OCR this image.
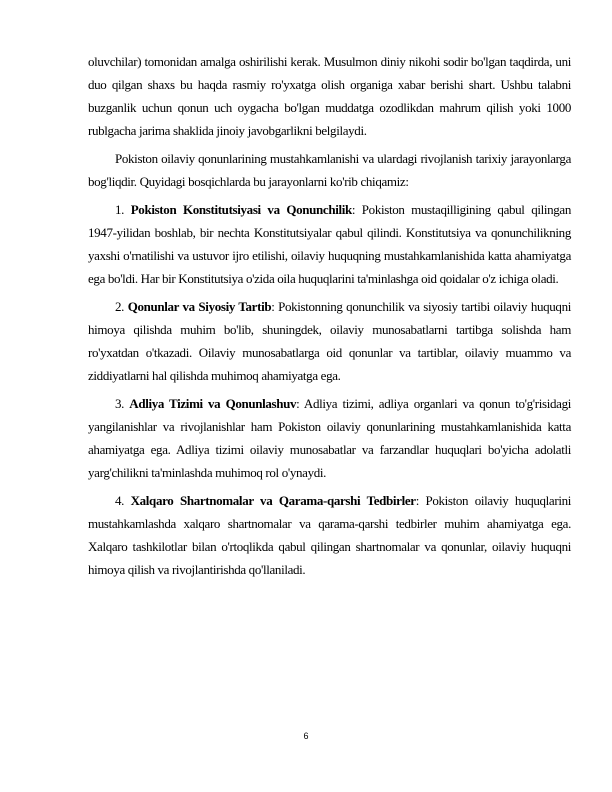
oluvchilar) tomonidan amalga oshirilishi kerak. Musulmon diniy nikohi sodir bo'lgan taqdirda, uni duo qilgan shaxs bu haqda rasmiy ro'yxatga olish organiga xabar berishi shart. Ushbu talabni buzganlik uchun qonun uch oygacha bo'lgan muddatga ozodlikdan mahrum qilish yoki 1000 rublgacha jarima shaklida jinoiy javobgarlikni belgilaydi.

Pokiston oilaviy qonunlarining mustahkamlanishi va ulardagi rivojlanish tarixiy jarayonlarga bog'liqdir. Quyidagi bosqichlarda bu jarayonlarni ko'rib chiqamiz:

1. Pokiston Konstitutsiyasi va Qonunchilik: Pokiston mustaqilligining qabul qilingan 1947-yilidan boshlab, bir nechta Konstitutsiyalar qabul qilindi. Konstitutsiya va qonunchilikning yaxshi o'rnatilishi va ustuvor ijro etilishi, oilaviy huquqning mustahkamlanishida katta ahamiyatga ega bo'ldi. Har bir Konstitutsiya o'zida oila huquqlarini ta'minlashga oid qoidalar o'z ichiga oladi.

2. Qonunlar va Siyosiy Tartib: Pokistonning qonunchilik va siyosiy tartibi oilaviy huquqni himoya qilishda muhim bo'lib, shuningdek, oilaviy munosabatlarni tartibga solishda ham ro'yxatdan o'tkazadi. Oilaviy munosabatlarga oid qonunlar va tartiblar, oilaviy muammo va ziddiyatlarni hal qilishda muhimoq ahamiyatga ega.

3. Adliya Tizimi va Qonunlashuv: Adliya tizimi, adliya organlari va qonun to'g'risidagi yangilanishlar va rivojlanishlar ham Pokiston oilaviy qonunlarining mustahkamlanishida katta ahamiyatga ega. Adliya tizimi oilaviy munosabatlar va farzandlar huquqlari bo'yicha adolatli yarg'chilikni ta'minlashda muhimoq rol o'ynaydi.

4. Xalqaro Shartnomalar va Qarama-qarshi Tedbirler: Pokiston oilaviy huquqlarini mustahkamlashda xalqaro shartnomalar va qarama-qarshi tedbirler muhim ahamiyatga ega. Xalqaro tashkilotlar bilan o'rtoqlikda qabul qilingan shartnomalar va qonunlar, oilaviy huquqni himoya qilish va rivojlantirishda qo'llaniladi.

6
